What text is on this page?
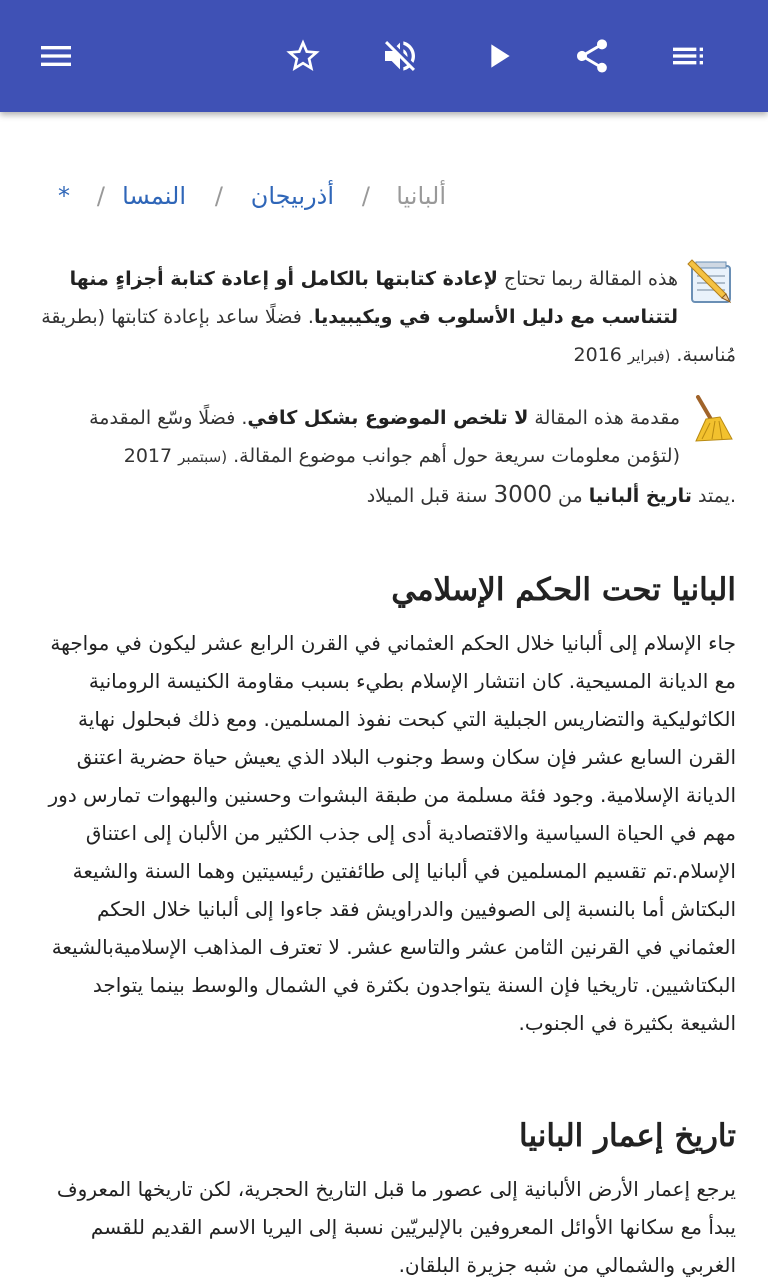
ألبانيا
/
أذربيجان
/
النمسا
/
*
هذه المقالة ربما تحتاج لإعادة كتابتها بالكامل أو إعادة كتابة أجزاءٍ منها لتتناسب مع دليل الأسلوب في ويكيبيديا. فضلًا ساعد بإعادة كتابتها (بطريقة مُناسبة. (فبراير 2016
مقدمة هذه المقالة لا تلخص الموضوع بشكل كافي. فضلًا وسّع المقدمة (لتؤمن معلومات سريعة حول أهم جوانب موضوع المقالة. (سبتمبر 2017
.يمتد تاريخ ألبانيا من 3000 سنة قبل الميلاد
البانيا تحت الحكم الإسلامي

جاء الإسلام إلى ألبانيا خلال الحكم العثماني في القرن الرابع عشر ليكون في مواجهة مع الديانة المسيحية. كان انتشار الإسلام بطيء بسبب مقاومة الكنيسة الرومانية الكاثوليكية والتضاريس الجبلية التي كبحت نفوذ المسلمين. ومع ذلك فبحلول نهاية القرن السابع عشر فإن سكان وسط وجنوب البلاد الذي يعيش حياة حضرية اعتنق الديانة الإسلامية. وجود فئة مسلمة من طبقة البشوات وحسنين والبهوات تمارس دور مهم في الحياة السياسية والاقتصادية أدى إلى جذب الكثير من الألبان إلى اعتناق الإسلام.تم تقسيم المسلمين في ألبانيا إلى طائفتين رئيسيتين وهما السنة والشيعة البكتاش أما بالنسبة إلى الصوفيين والدراويش فقد جاءوا إلى ألبانيا خلال الحكم العثماني في القرنين الثامن عشر والتاسع عشر. لا تعترف المذاهب الإسلاميةبالشيعة البكتاشيين. تاريخيا فإن السنة يتواجدون بكثرة في الشمال والوسط بينما يتواجد الشيعة بكثيرة في الجنوب.

تاريخ إعمار البانيا

يرجع إعمار الأرض الألبانية إلى عصور ما قبل التاريخ الحجرية، لكن تاريخها المعروف يبدأ مع سكانها الأوائل المعروفين بالإليريّين نسبة إلى اليريا الاسم القديم للقسم الغربي والشمالي من شبه جزيرة البلقان.
